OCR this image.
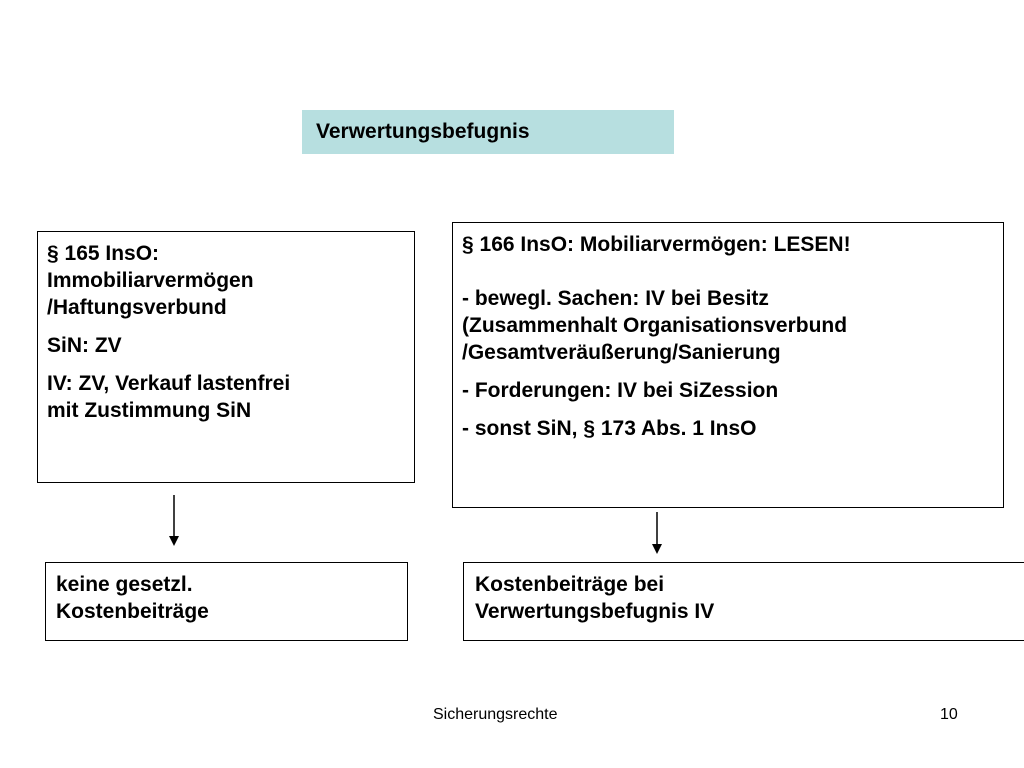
Verwertungsbefugnis

§ 165 InsO:

Immobiliarvermögen

/Haftungsverbund

SiN: ZV

IV: ZV, Verkauf lastenfrei

mit Zustimmung SiN

§ 166 InsO: Mobiliarvermögen: LESEN!

- bewegl. Sachen: IV bei Besitz

(Zusammenhalt Organisationsverbund

/Gesamtveräußerung/Sanierung

- Forderungen: IV bei SiZession

- sonst SiN, § 173 Abs. 1 InsO

keine gesetzl.

Kostenbeiträge

Kostenbeiträge bei

Verwertungsbefugnis IV

Sicherungsrechte	10
